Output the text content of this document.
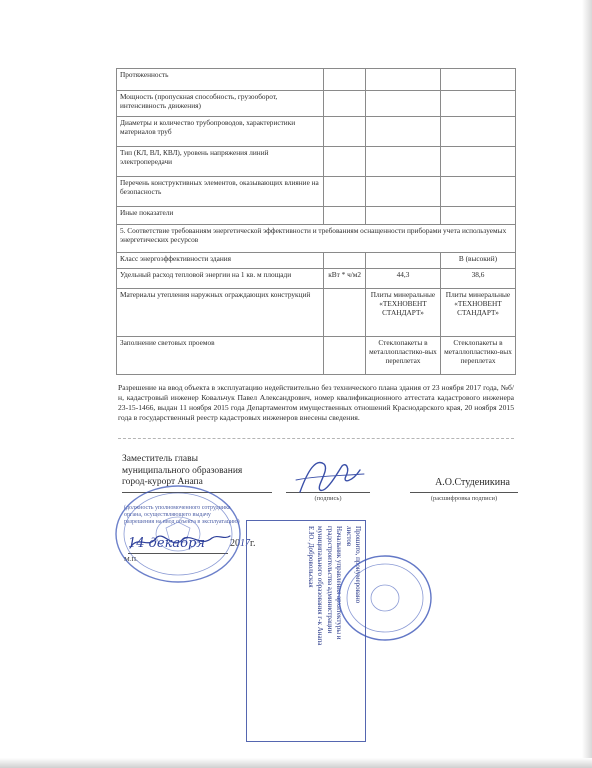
Протяженность			
Мощность (пропускная способность, грузооборот, интенсивность движения)			
Диаметры и количество трубопроводов, характеристики материалов труб			
Тип (КЛ, ВЛ, КВЛ), уровень напряжения линий электропередачи			
Перечень конструктивных элементов, оказывающих влияние на безопасность			
Иные показатели			
5. Соответствие требованиям энергетической эффективности и требованиям оснащенности приборами учета используемых энергетических ресурсов			
Класс энергоэффективности здания			В (высокий)
Удельный расход тепловой энергии на 1 кв. м площади	кВт * ч/м2	44,3	38,6
Материалы утепления наружных ограждающих конструкций		Плиты минеральные «ТЕХНОВЕНТ СТАНДАРТ»	Плиты минеральные «ТЕХНОВЕНТ СТАНДАРТ»
Заполнение световых проемов		Стеклопакеты в металлопластико-вых переплетах	Стеклопакеты в металлопластико-вых переплетах
Разрешение на ввод объекта в эксплуатацию недействительно без технического плана здания от 23 ноября 2017 года, №б/н, кадастровый инженер Ковальчук Павел Александрович, номер квалификационного аттестата кадастрового инженера 23-15-1466, выдан 11 ноября 2015 года Департаментом имущественных отношений Краснодарского края, 20 ноября 2015 года в государственный реестр кадастровых инженеров внесены сведения.
Заместитель главы
муниципального образования
город-курорт Анапа
(подпись)
А.О.Студеникина
(расшифровка подписи)
(должность уполномоченного сотрудника органа, осуществляющего выдачу разрешения на ввод объекта в эксплуатацию)
14 декабря	2017г.
М.П.	Прошито, пронумеровано
листов
Начальник управления архитектуры и
градостроительства администрации
муниципального образования г-к Анапа
Е.Ю. Добровольская
